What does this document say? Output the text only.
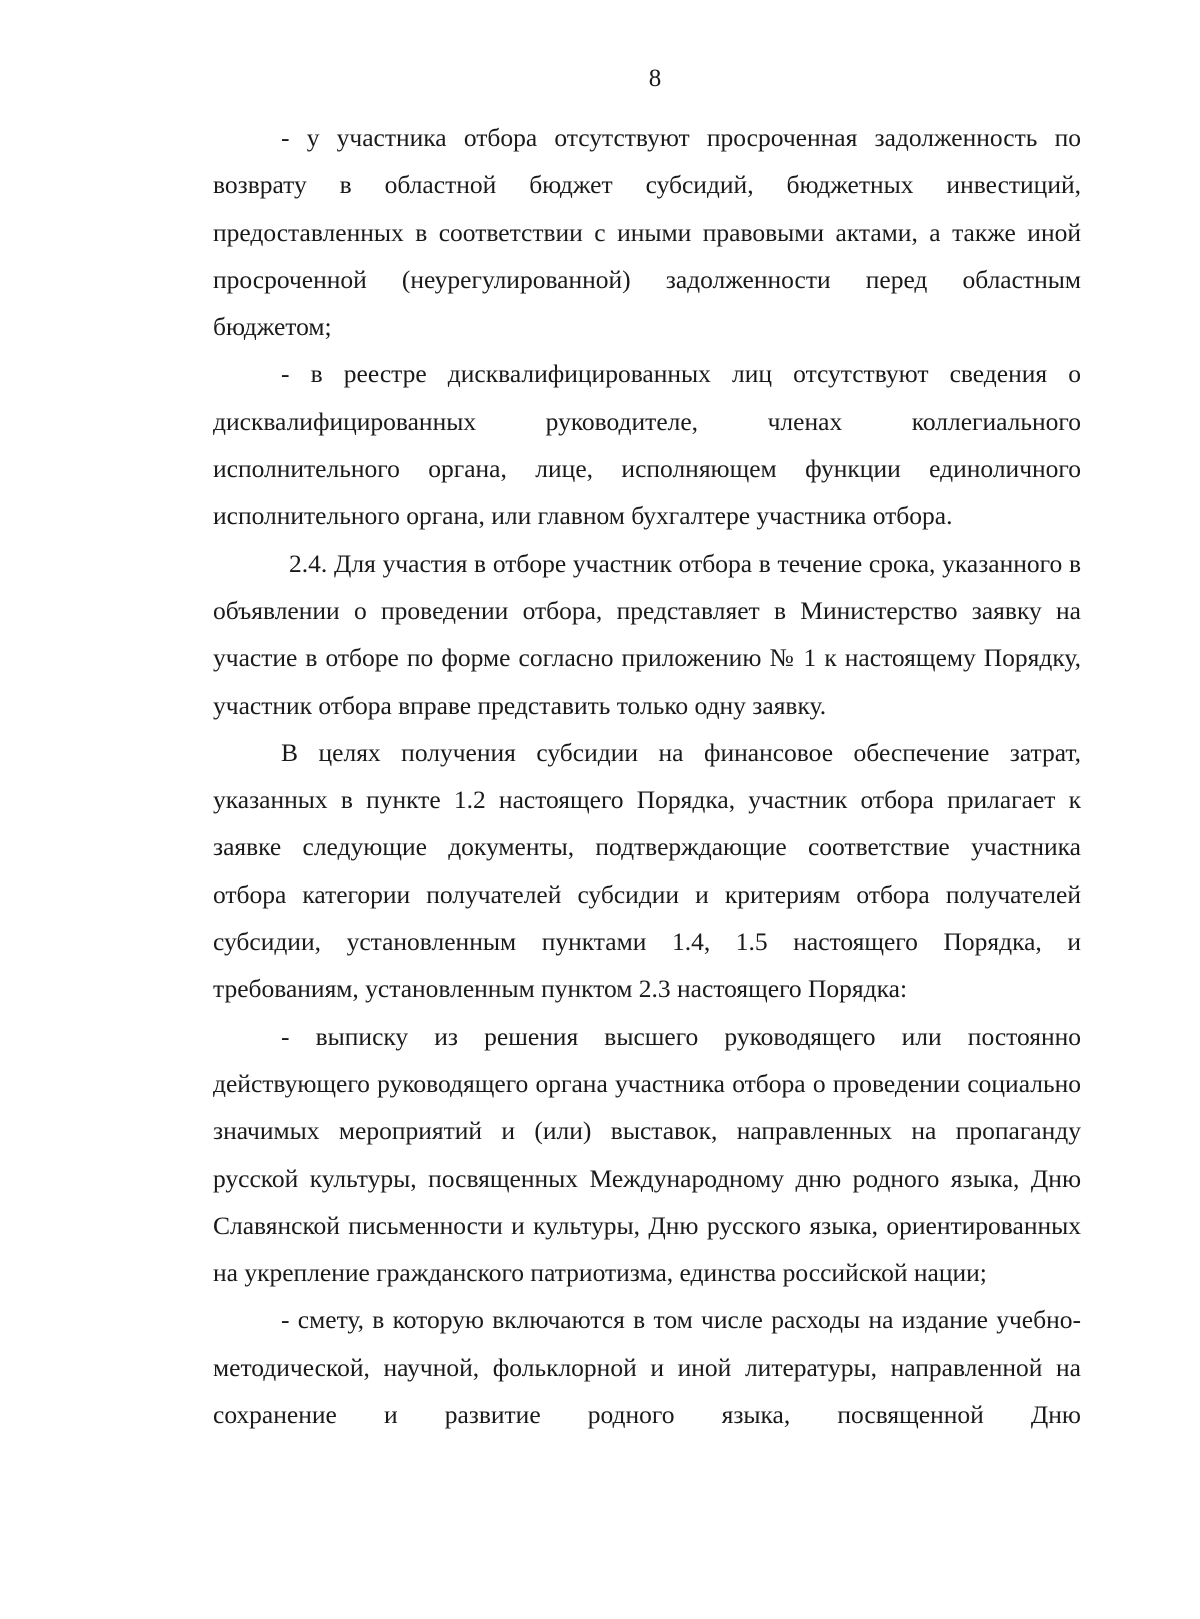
8

- у участника отбора отсутствуют просроченная задолженность по возврату в областной бюджет субсидий, бюджетных инвестиций, предоставленных в соответствии с иными правовыми актами, а также иной просроченной (неурегулированной) задолженности перед областным бюджетом;

- в реестре дисквалифицированных лиц отсутствуют сведения о дисквалифицированных руководителе, членах коллегиального исполнительного органа, лице, исполняющем функции единоличного исполнительного органа, или главном бухгалтере участника отбора.

2.4. Для участия в отборе участник отбора в течение срока, указанного в объявлении о проведении отбора, представляет в Министерство заявку на участие в отборе по форме согласно приложению № 1 к настоящему Порядку, участник отбора вправе представить только одну заявку.

В целях получения субсидии на финансовое обеспечение затрат, указанных в пункте 1.2 настоящего Порядка, участник отбора прилагает к заявке следующие документы, подтверждающие соответствие участника отбора категории получателей субсидии и критериям отбора получателей субсидии, установленным пунктами 1.4, 1.5 настоящего Порядка, и требованиям, установленным пунктом 2.3 настоящего Порядка:

- выписку из решения высшего руководящего или постоянно действующего руководящего органа участника отбора о проведении социально значимых мероприятий и (или) выставок, направленных на пропаганду русской культуры, посвященных Международному дню родного языка, Дню Славянской письменности и культуры, Дню русского языка, ориентированных на укрепление гражданского патриотизма, единства российской нации;

- смету, в которую включаются в том числе расходы на издание учебно-методической, научной, фольклорной и иной литературы, направленной на сохранение и развитие родного языка, посвященной Дню
